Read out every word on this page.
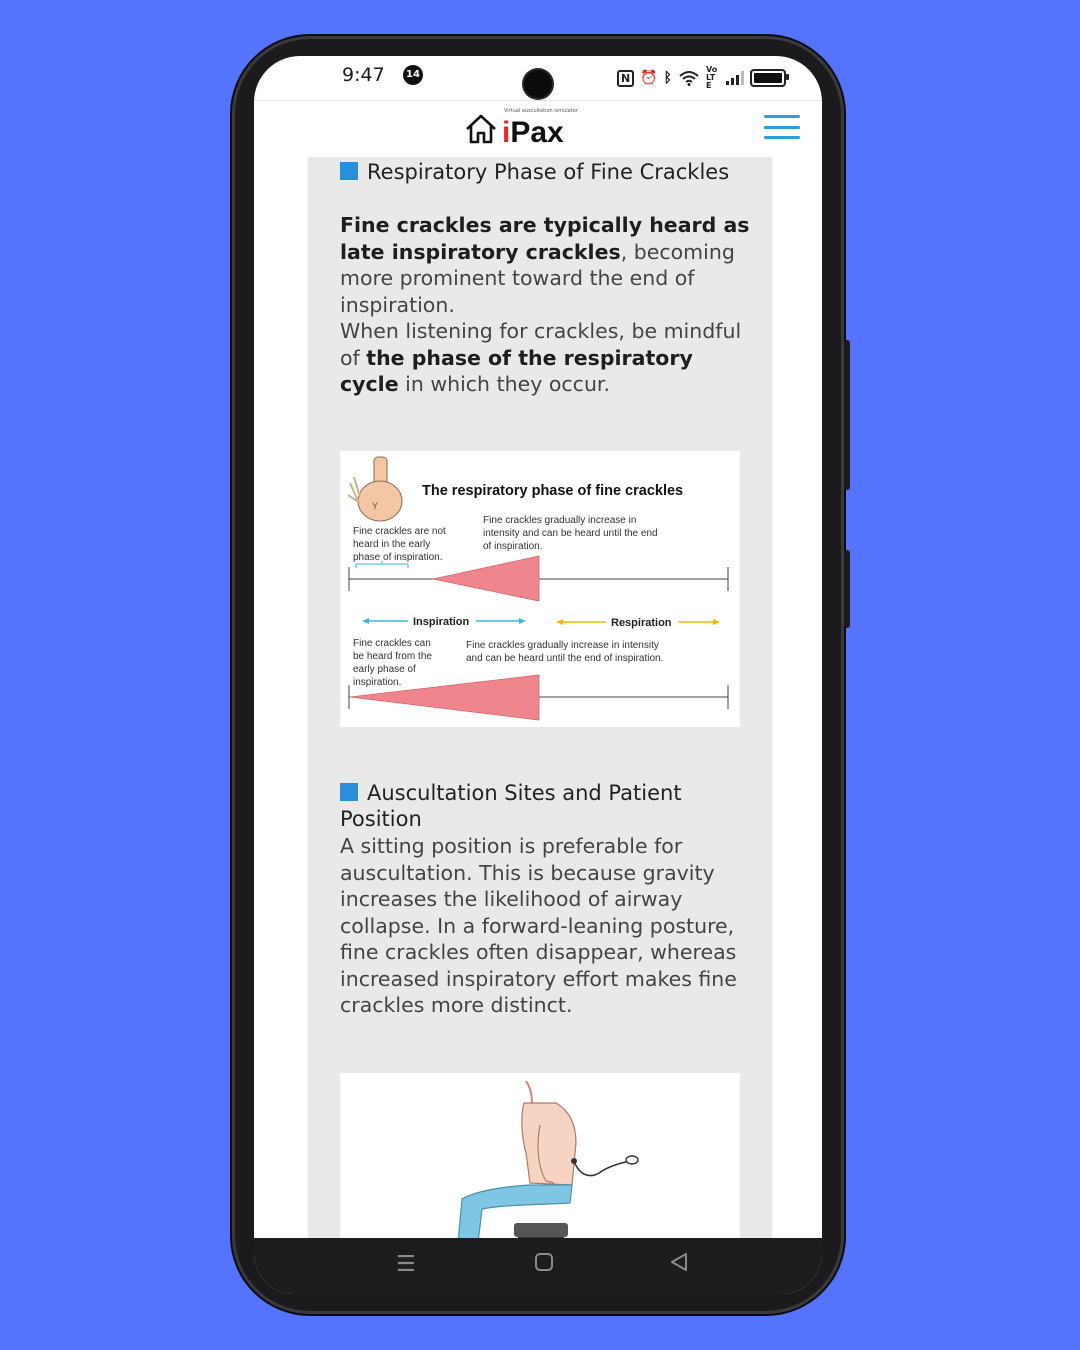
9:47	14	N ⏰ ᛒ
Vo LTE
Virtual auscultation simulator
iPax
Respiratory Phase of Fine Crackles
Fine crackles are typically heard as late inspiratory crackles, becoming more prominent toward the end of inspiration.
When listening for crackles, be mindful of the phase of the respiratory cycle in which they occur.
Y
The respiratory phase of fine crackles
Fine crackles are not
heard in the early
phase of inspiration.
Fine crackles gradually increase in
intensity and can be heard until the end
of inspiration.
Inspiration	Respiration
Fine crackles can
be heard from the
early phase of
inspiration.
Fine crackles gradually increase in intensity
and can be heard until the end of inspiration.
Auscultation Sites and Patient Position
A sitting position is preferable for auscultation. This is because gravity increases the likelihood of airway collapse. In a forward-leaning posture, fine crackles often disappear, whereas increased inspiratory effort makes fine crackles more distinct.
☰
